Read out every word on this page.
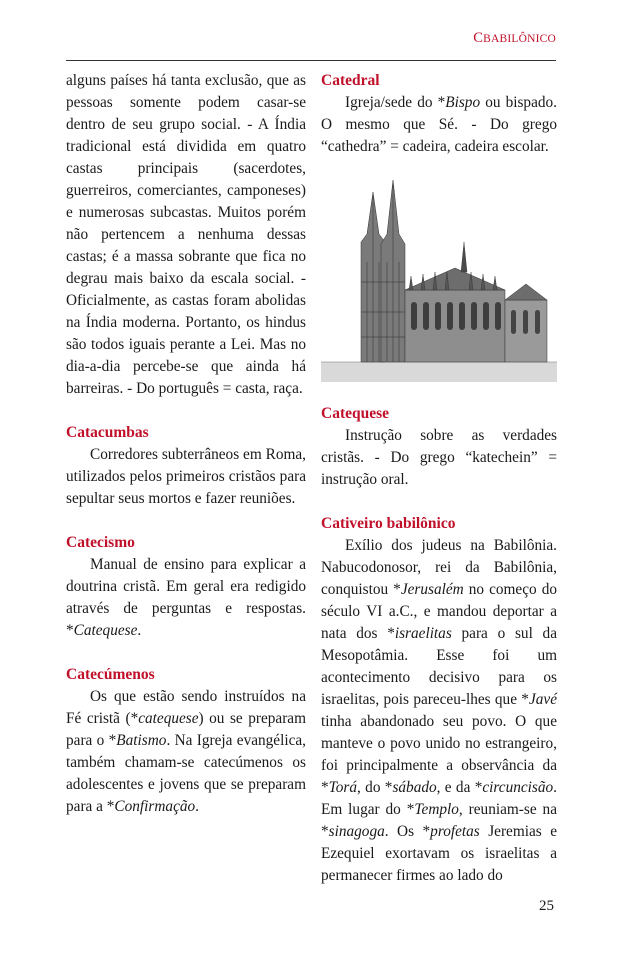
CBABILÔNICO

alguns países há tanta exclusão, que as pessoas somente podem casar-se dentro de seu grupo social. - A Índia tradicional está dividida em quatro castas principais (sacerdotes, guerreiros, comerciantes, camponeses) e numerosas subcastas. Muitos porém não pertencem a nenhuma dessas castas; é a massa sobrante que fica no degrau mais baixo da escala social. - Oficialmente, as castas foram abolidas na Índia moderna. Portanto, os hindus são todos iguais perante a Lei. Mas no dia-a-dia percebe-se que ainda há barreiras. - Do português = casta, raça.

Catacumbas

Corredores subterrâneos em Roma, utilizados pelos primeiros cristãos para sepultar seus mortos e fazer reuniões.

Catecismo

Manual de ensino para explicar a doutrina cristã. Em geral era redigido através de perguntas e respostas. *Catequese.

Catecúmenos

Os que estão sendo instruídos na Fé cristã (*catequese) ou se preparam para o *Batismo. Na Igreja evangélica, também chamam-se catecúmenos os adolescentes e jovens que se preparam para a *Confirmação.

Catedral

Igreja/sede do *Bispo ou bispado. O mesmo que Sé. - Do grego “cathedra” = cadeira, cadeira escolar.

Catequese

Instrução sobre as verdades cristãs. - Do grego “katechein” = instrução oral.

Cativeiro babilônico

Exílio dos judeus na Babilônia. Nabucodonosor, rei da Babilônia, conquistou *Jerusalém no começo do século VI a.C., e mandou deportar a nata dos *israelitas para o sul da Mesopotâmia. Esse foi um acontecimento decisivo para os israelitas, pois pareceu-lhes que *Javé tinha abandonado seu povo. O que manteve o povo unido no estrangeiro, foi principalmente a observância da *Torá, do *sábado, e da *circuncisão. Em lugar do *Templo, reuniam-se na *sinagoga. Os *profetas Jeremias e Ezequiel exortavam os israelitas a permanecer firmes ao lado do

25
